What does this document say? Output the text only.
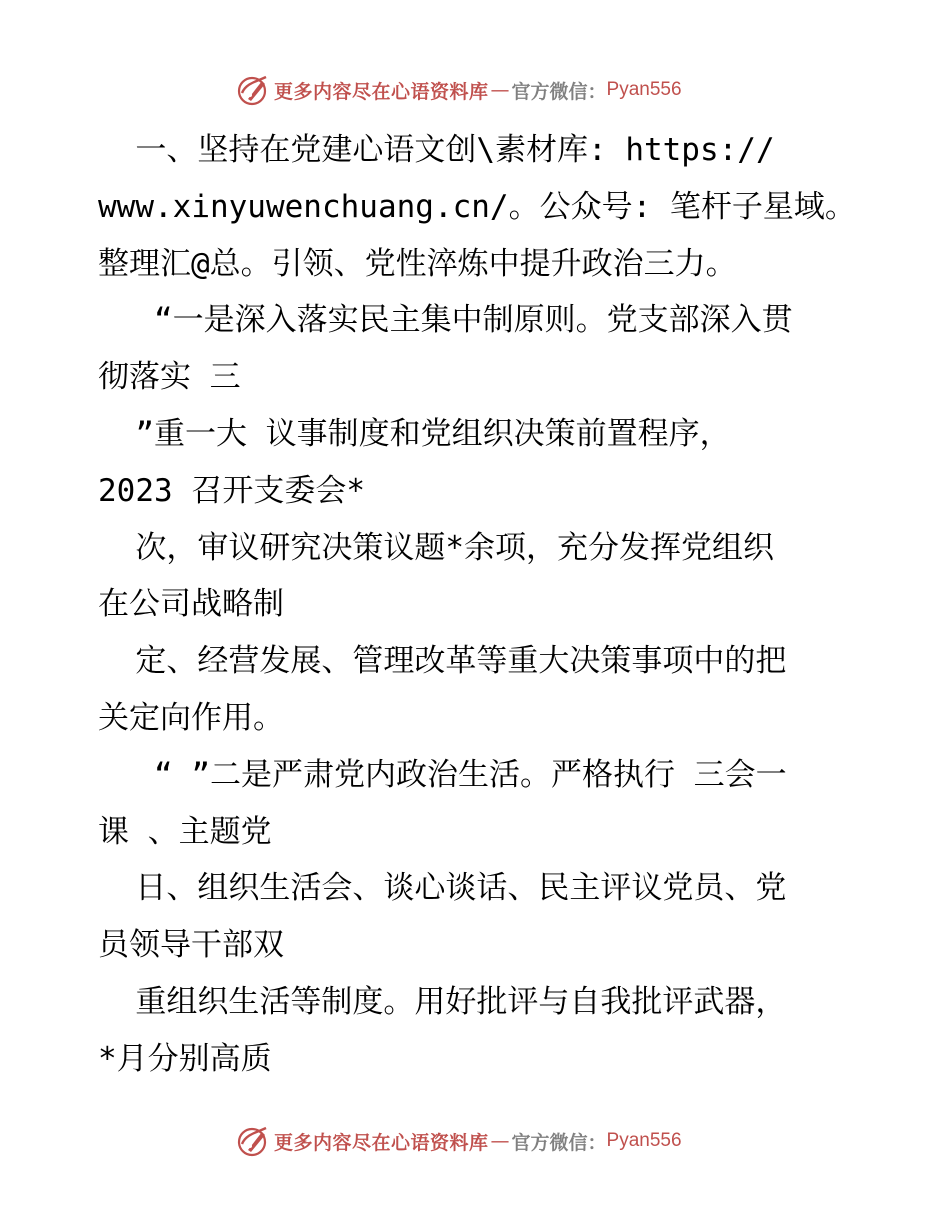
更多内容尽在心语资料库 — 官方微信： Pyan556
一、坚持在党建心语文创\素材库: https://
www.xinyuwenchuang.cn/。公众号: 笔杆子星域。
整理汇@总。引领、党性淬炼中提升政治三力。
“一是深入落实民主集中制原则。党支部深入贯
彻落实 三
”重一大 议事制度和党组织决策前置程序，
2023 召开支委会*
次，审议研究决策议题*余项，充分发挥党组织
在公司战略制
定、经营发展、管理改革等重大决策事项中的把
关定向作用。
“ ”二是严肃党内政治生活。严格执行 三会一
课 、主题党
日、组织生活会、谈心谈话、民主评议党员、党
员领导干部双
重组织生活等制度。用好批评与自我批评武器，
*月分别高质
更多内容尽在心语资料库 — 官方微信： Pyan556
